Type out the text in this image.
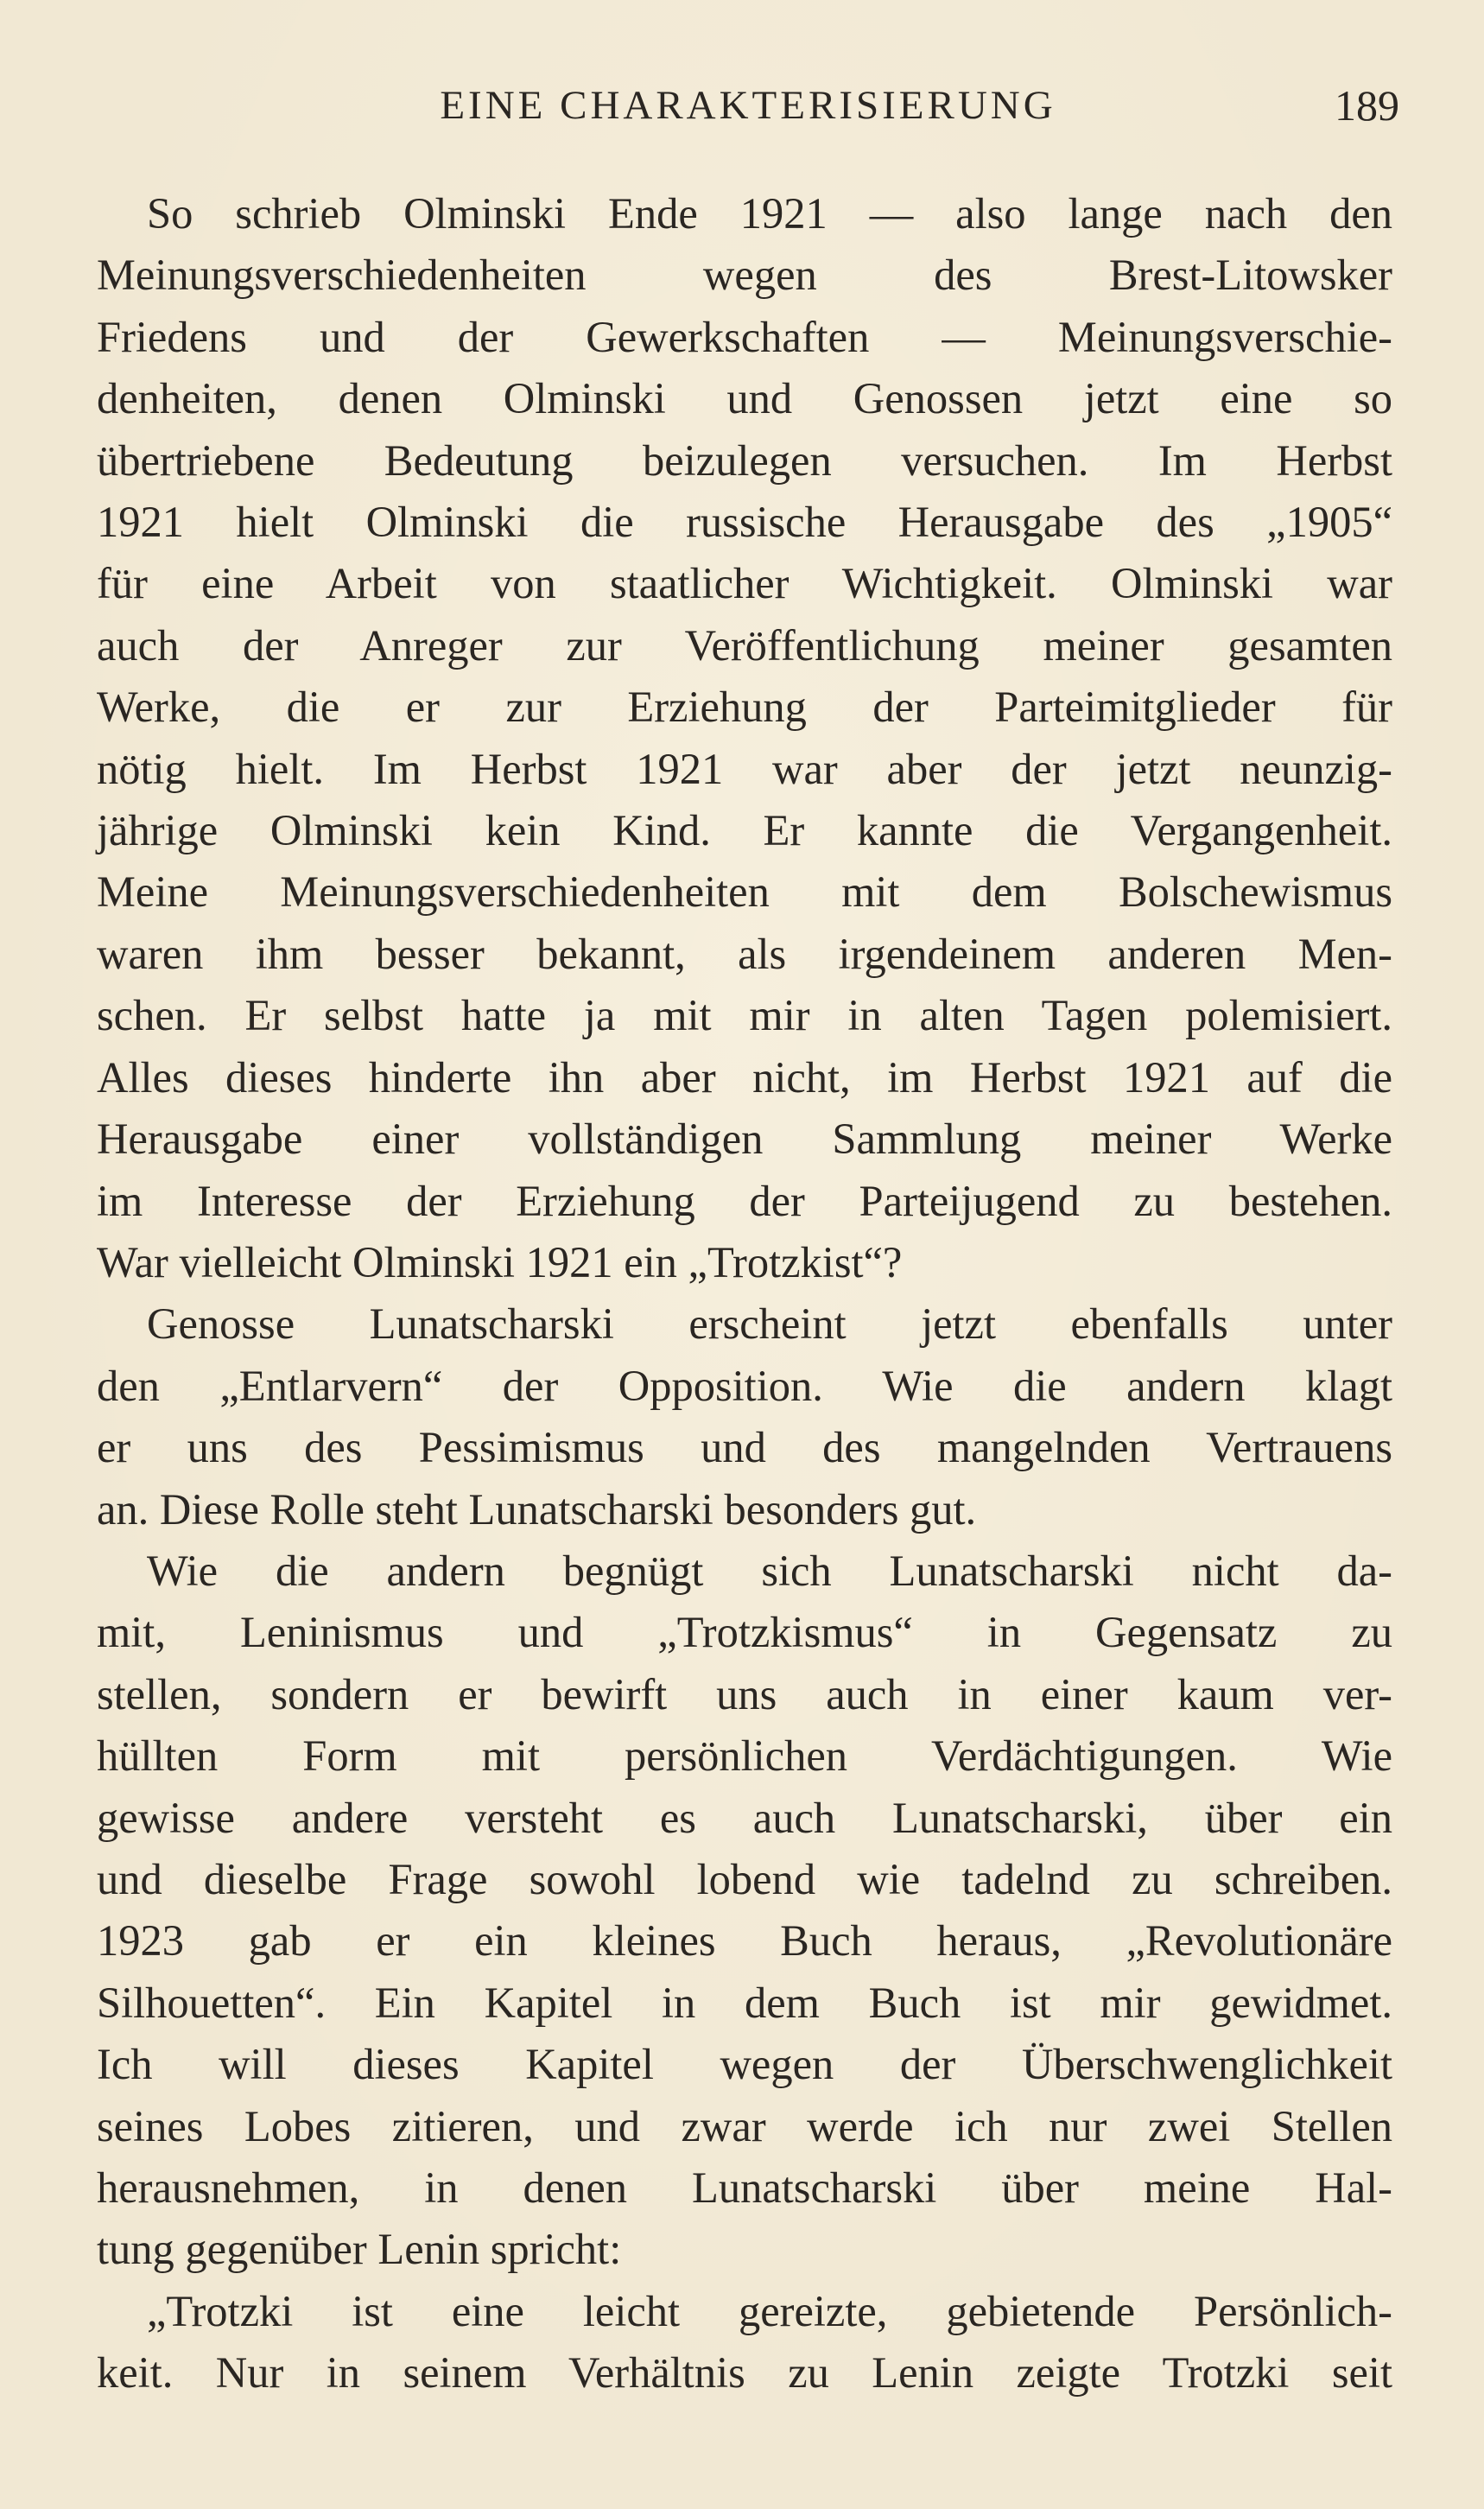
EINE CHARAKTERISIERUNG	189
So schrieb Olminski Ende 1921 — also lange nach den
Meinungsverschiedenheiten wegen des Brest-Litowsker
Friedens und der Gewerkschaften — Meinungsverschie-
denheiten, denen Olminski und Genossen jetzt eine so
übertriebene Bedeutung beizulegen versuchen. Im Herbst
1921 hielt Olminski die russische Herausgabe des „1905“
für eine Arbeit von staatlicher Wichtigkeit. Olminski war
auch der Anreger zur Veröffentlichung meiner gesamten
Werke, die er zur Erziehung der Parteimitglieder für
nötig hielt. Im Herbst 1921 war aber der jetzt neunzig-
jährige Olminski kein Kind. Er kannte die Vergangenheit.
Meine Meinungsverschiedenheiten mit dem Bolschewismus
waren ihm besser bekannt, als irgendeinem anderen Men-
schen. Er selbst hatte ja mit mir in alten Tagen polemisiert.
Alles dieses hinderte ihn aber nicht, im Herbst 1921 auf die
Herausgabe einer vollständigen Sammlung meiner Werke
im Interesse der Erziehung der Parteijugend zu bestehen.
War vielleicht Olminski 1921 ein „Trotzkist“?
Genosse Lunatscharski erscheint jetzt ebenfalls unter
den „Entlarvern“ der Opposition. Wie die andern klagt
er uns des Pessimismus und des mangelnden Vertrauens
an. Diese Rolle steht Lunatscharski besonders gut.
Wie die andern begnügt sich Lunatscharski nicht da-
mit, Leninismus und „Trotzkismus“ in Gegensatz zu
stellen, sondern er bewirft uns auch in einer kaum ver-
hüllten Form mit persönlichen Verdächtigungen. Wie
gewisse andere versteht es auch Lunatscharski, über ein
und dieselbe Frage sowohl lobend wie tadelnd zu schreiben.
1923 gab er ein kleines Buch heraus, „Revolutionäre
Silhouetten“. Ein Kapitel in dem Buch ist mir gewidmet.
Ich will dieses Kapitel wegen der Überschwenglichkeit
seines Lobes zitieren, und zwar werde ich nur zwei Stellen
herausnehmen, in denen Lunatscharski über meine Hal-
tung gegenüber Lenin spricht:
„Trotzki ist eine leicht gereizte, gebietende Persönlich-
keit. Nur in seinem Verhältnis zu Lenin zeigte Trotzki seit
